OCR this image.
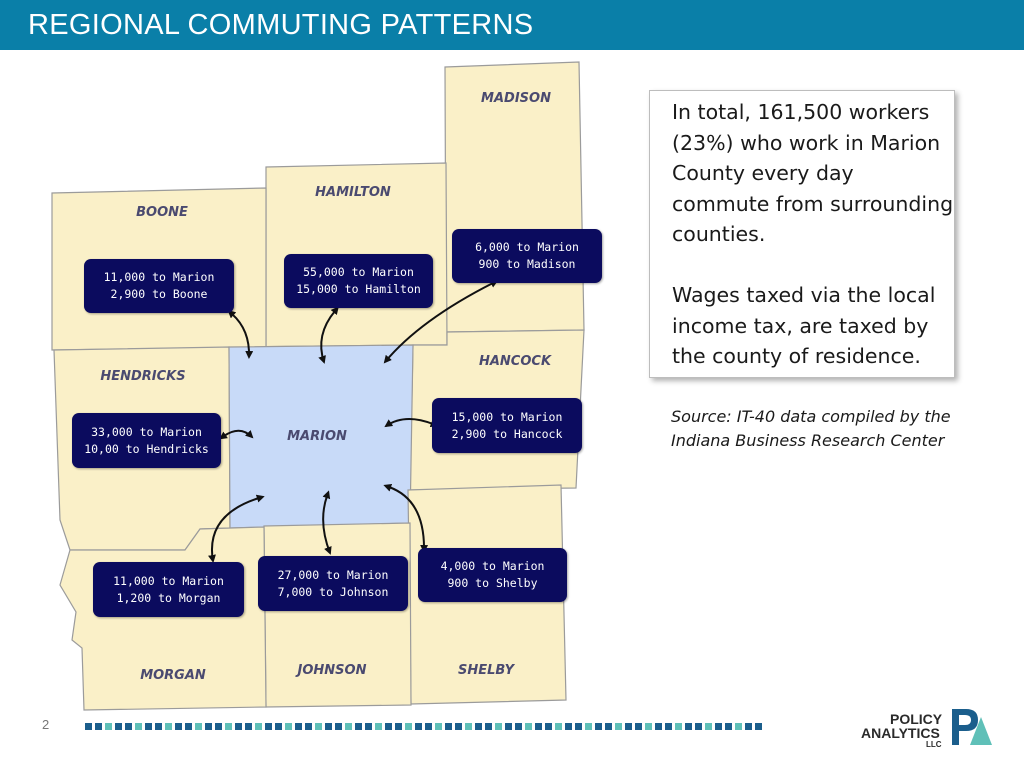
REGIONAL COMMUTING PATTERNS
MADISON
HAMILTON
BOONE
HENDRICKS
HANCOCK
MARION
MORGAN	JOHNSON	SHELBY
6,000 to Marion
900 to Madison
55,000 to Marion
15,000 to Hamilton
11,000 to Marion
2,900 to Boone
33,000 to Marion
10,00 to Hendricks
15,000 to Marion
2,900 to Hancock
11,000 to Marion
1,200 to Morgan
27,000 to Marion
7,000 to Johnson
4,000 to Marion
900 to Shelby

In total, 161,500 workers (23%) who work in Marion County every day commute from surrounding counties.

Wages taxed via the local income tax, are taxed by the county of residence.

Source: IT-40 data compiled by the Indiana Business Research Center
2	POLICY
ANALYTICS
LLC
